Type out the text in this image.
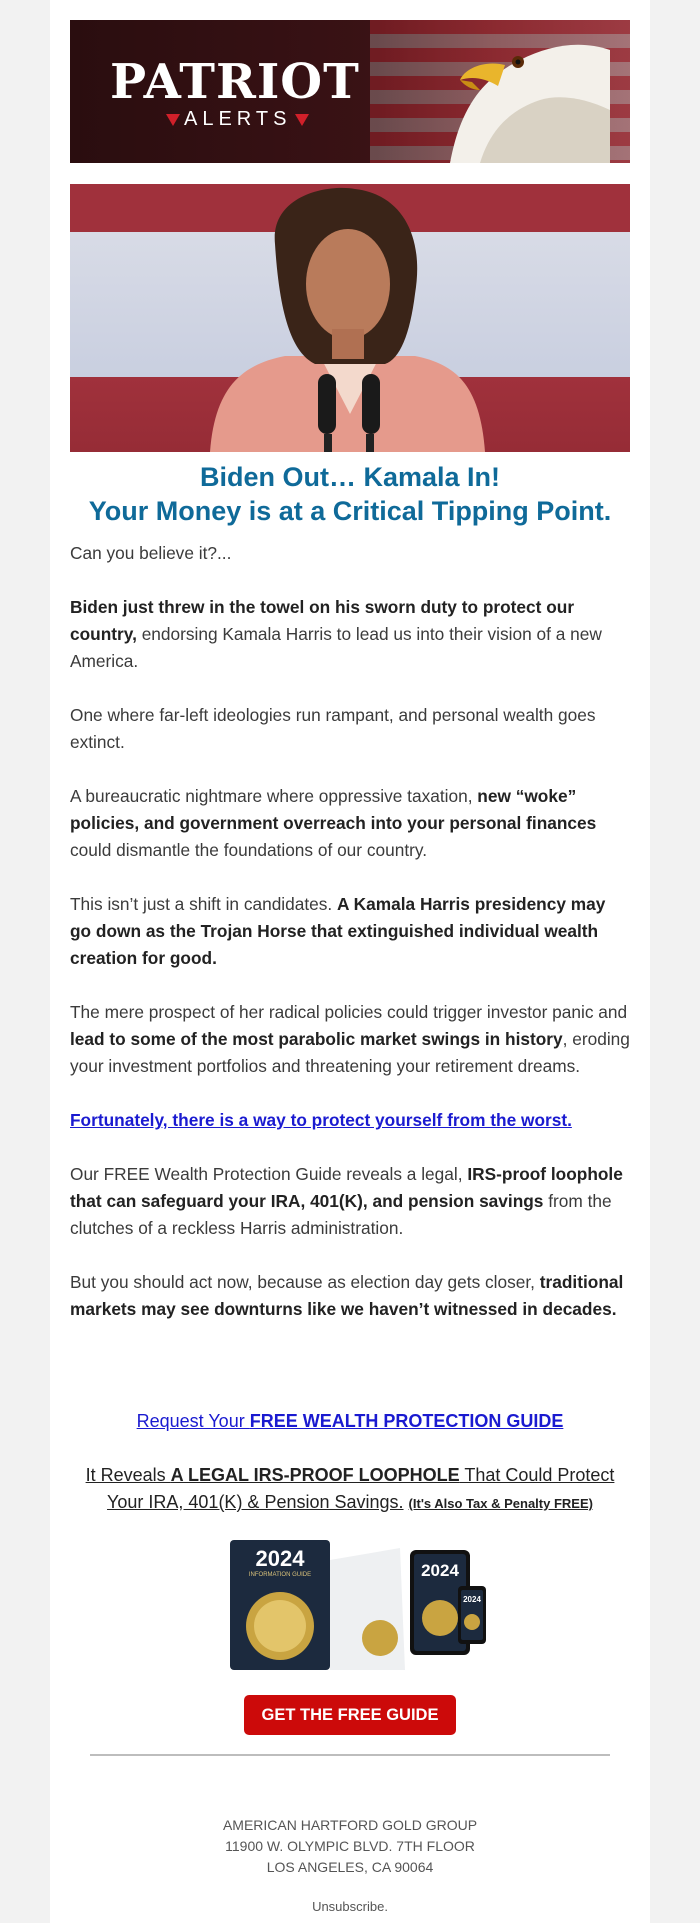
PATRIOT
ALERTS
Biden Out… Kamala In!
Your Money is at a Critical Tipping Point.

Can you believe it?...

Biden just threw in the towel on his sworn duty to protect our country, endorsing Kamala Harris to lead us into their vision of a new America.

One where far-left ideologies run rampant, and personal wealth goes extinct.

A bureaucratic nightmare where oppressive taxation, new “woke” policies, and government overreach into your personal finances could dismantle the foundations of our country.

This isn’t just a shift in candidates. A Kamala Harris presidency may go down as the Trojan Horse that extinguished individual wealth creation for good.

The mere prospect of her radical policies could trigger investor panic and lead to some of the most parabolic market swings in history, eroding your investment portfolios and threatening your retirement dreams.

Fortunately, there is a way to protect yourself from the worst.

Our FREE Wealth Protection Guide reveals a legal, IRS-proof loophole that can safeguard your IRA, 401(K), and pension savings from the clutches of a reckless Harris administration.

But you should act now, because as election day gets closer, traditional markets may see downturns like we haven’t witnessed in decades.

Request Your FREE WEALTH PROTECTION GUIDE
It Reveals A LEGAL IRS-PROOF LOOPHOLE That Could Protect Your IRA, 401(K) & Pension Savings. (It's Also Tax & Penalty FREE)
2024
INFORMATION GUIDE	2024
2024
GET THE FREE GUIDE
AMERICAN HARTFORD GOLD GROUP
11900 W. OLYMPIC BLVD. 7TH FLOOR
LOS ANGELES, CA 90064
Unsubscribe.
